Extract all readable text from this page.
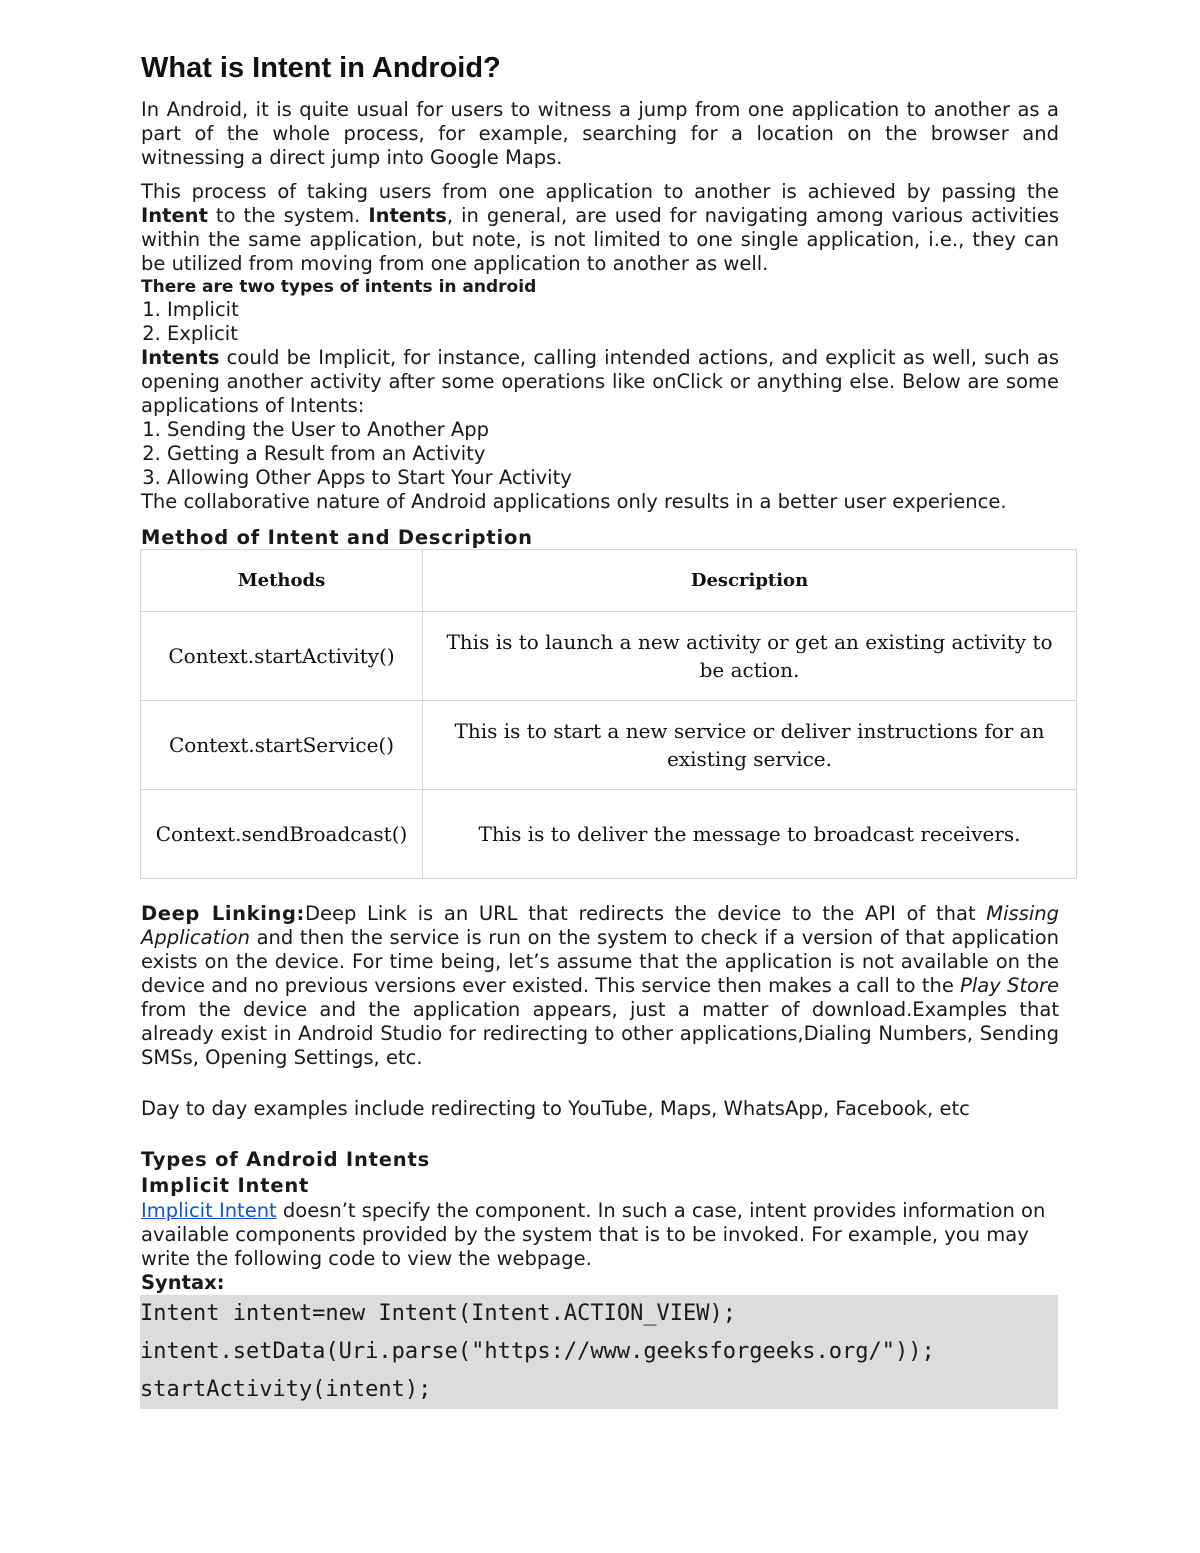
What is Intent in Android?

In Android, it is quite usual for users to witness a jump from one application to another as a part of the whole process, for example, searching for a location on the browser and witnessing a direct jump into Google Maps.

This process of taking users from one application to another is achieved by passing the Intent to the system. Intents, in general, are used for navigating among various activities within the same application, but note, is not limited to one single application, i.e., they can be utilized from moving from one application to another as well.

There are two types of intents in android
1. Implicit
2. Explicit

Intents could be Implicit, for instance, calling intended actions, and explicit as well, such as opening another activity after some operations like onClick or anything else. Below are some applications of Intents:

1. Sending the User to Another App
2. Getting a Result from an Activity
3. Allowing Other Apps to Start Your Activity

The collaborative nature of Android applications only results in a better user experience.

Method of Intent and Description
Methods	Description
Context.startActivity()	This is to launch a new activity or get an existing activity to be action.
Context.startService()	This is to start a new service or deliver instructions for an existing service.
Context.sendBroadcast()	This is to deliver the message to broadcast receivers.

Deep Linking:Deep Link is an URL that redirects the device to the API of that Missing Application and then the service is run on the system to check if a version of that application exists on the device. For time being, let’s assume that the application is not available on the device and no previous versions ever existed. This service then makes a call to the Play Store from the device and the application appears, just a matter of download.Examples that already exist in Android Studio for redirecting to other applications,Dialing Numbers, Sending SMSs, Opening Settings, etc.

Day to day examples include redirecting to YouTube, Maps, WhatsApp, Facebook, etc

Types of Android Intents
Implicit Intent

Implicit Intent doesn’t specify the component. In such a case, intent provides information on available components provided by the system that is to be invoked. For example, you may write the following code to view the webpage.

Syntax:

Intent intent=new Intent(Intent.ACTION_VIEW);
intent.setData(Uri.parse("https://www.geeksforgeeks.org/"));
startActivity(intent);
